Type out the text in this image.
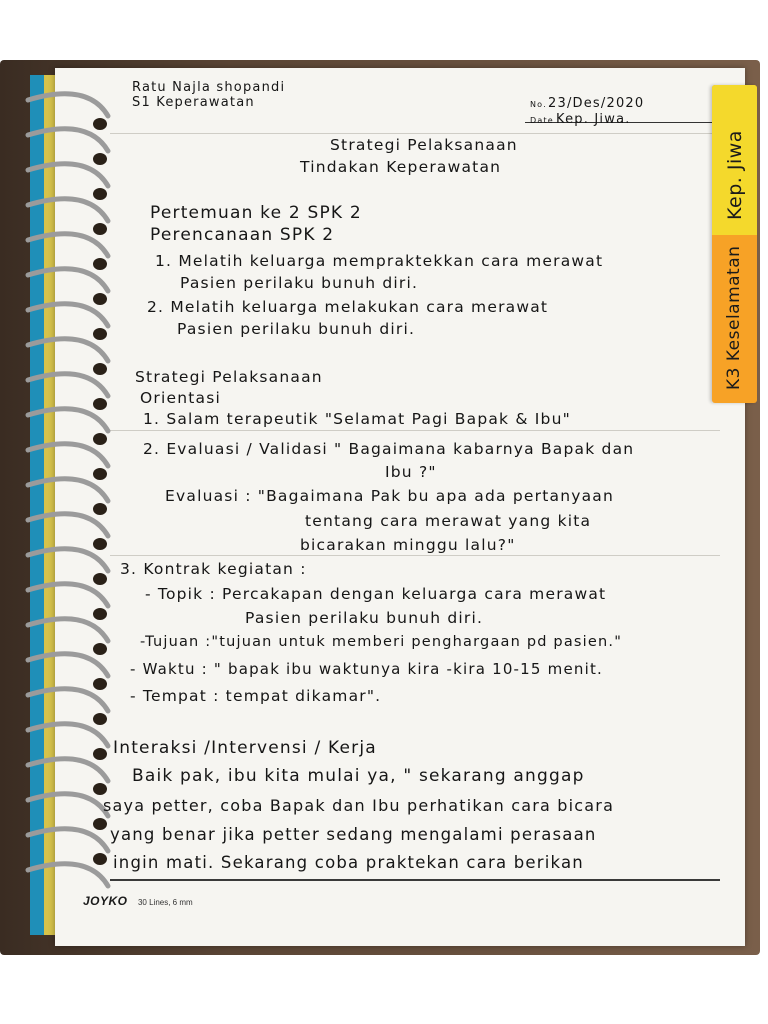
Kep. Jiwa
K3 Keselamatan
Ratu Najla shopandi
S1 Keperawatan	No. 23/Des/2020
Date Kep. Jiwa.
Strategi Pelaksanaan
Tindakan Keperawatan
Pertemuan ke 2 SPK 2
Perencanaan SPK 2
1. Melatih keluarga mempraktekkan cara merawat
Pasien perilaku bunuh diri.
2. Melatih keluarga melakukan cara merawat
Pasien perilaku bunuh diri.
Strategi Pelaksanaan
Orientasi
1. Salam terapeutik "Selamat Pagi Bapak & Ibu"
2. Evaluasi / Validasi " Bagaimana kabarnya Bapak dan
Ibu ?"
Evaluasi : "Bagaimana Pak bu apa ada pertanyaan
tentang cara merawat yang kita
bicarakan minggu lalu?"
3. Kontrak kegiatan :
- Topik : Percakapan dengan keluarga cara merawat
Pasien perilaku bunuh diri.
-Tujuan :"tujuan untuk memberi penghargaan pd pasien."
- Waktu : " bapak ibu waktunya kira -kira 10-15 menit.
- Tempat : tempat dikamar".
Interaksi /Intervensi / Kerja
Baik pak, ibu kita mulai ya, " sekarang anggap
saya petter, coba Bapak dan Ibu perhatikan cara bicara
yang benar jika petter sedang mengalami perasaan
ingin mati. Sekarang coba praktekan cara berikan
JOYKO 30 Lines, 6 mm
